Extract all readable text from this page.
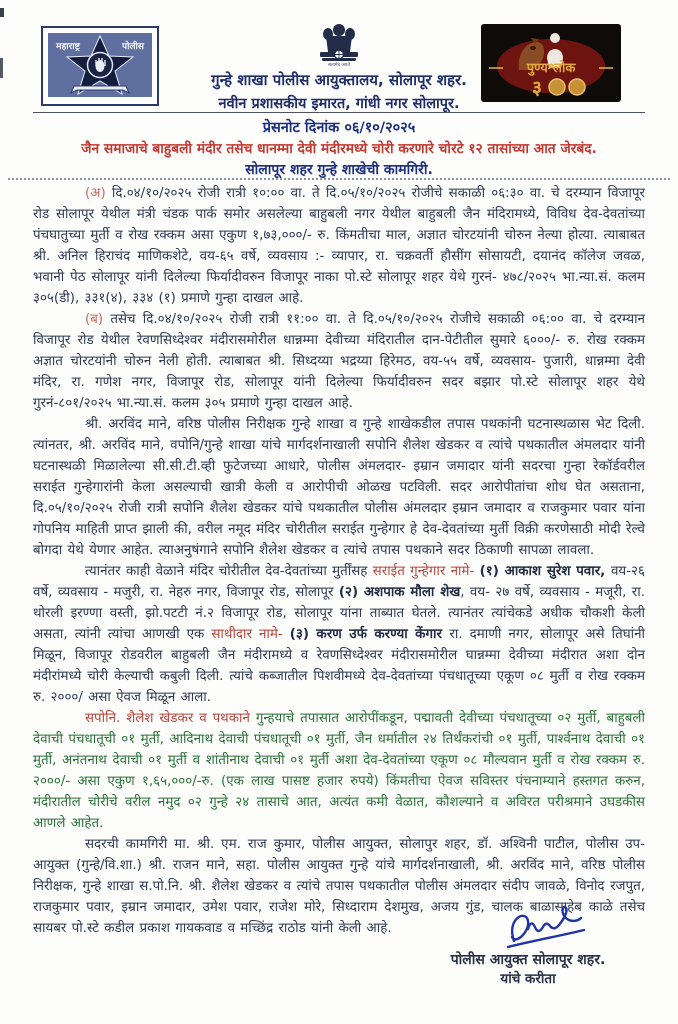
महाराष्ट्र	पोलीस
सत्यमेव जयते
गुन्हे शाखा पोलीस आयुक्तालय, सोलापूर शहर.
नवीन प्रशासकीय इमारत, गांधी नगर सोलापूर.
पुण्यश्लोक
३
प्रेसनोट दिनांक ०६/१०/२०२५
जैन समाजाचे बाहुबली मंदीर तसेच धानम्मा देवी मंदीरमध्ये चोरी करणारे चोरटे १२ तासांच्या आत जेरबंद.
सोलापूर शहर गुन्हे शाखेची कामगिरी.

(अ) दि.०४/१०/२०२५ रोजी रात्री १०:०० वा. ते दि.०५/१०/२०२५ रोजीचे सकाळी ०६:३० वा. चे दरम्यान विजापूर रोड सोलापूर येथील मंत्री चंडक पार्क समोर असलेल्या बाहुबली नगर येथील बाहुबली जैन मंदिरामध्ये, विविध देव-देवतांच्या पंचघातुच्या मुर्ती व रोख रक्कम असा एकुण १,७३,०००/- रु. किंमतीचा माल, अज्ञात चोरटयांनी चोरुन नेल्या होत्या. त्याबाबत श्री. अनिल हिराचंद माणिकशेटे, वय-६५ वर्षे, व्यवसाय :- व्यापार, रा. चक्रवर्ती हौसींग सोसायटी, दयानंद कॉलेज जवळ, भवानी पेठ सोलापूर यांनी दिलेल्या फिर्यादीवरुन विजापूर नाका पो.स्टे सोलापूर शहर येथे गुरनं- ४७८/२०२५ भा.न्या.सं. कलम ३०५(डी), ३३१(४), ३३४ (१) प्रमाणे गुन्हा दाखल आहे.

(ब) तसेच दि.०४/१०/२०२५ रोजी रात्री ११:०० वा. ते दि.०५/१०/२०२५ रोजीचे सकाळी ०६:०० वा. चे दरम्यान विजापूर रोड येथील रेवणसिध्देश्वर मंदीरासमोरील धान्नम्मा देवीच्या मंदिरातील दान-पेटीतील सुमारे ६०००/- रु. रोख रक्कम अज्ञात चोरटयांनी चोरुन नेली होती. त्याबाबत श्री. सिध्दय्या भद्रय्या हिरेमठ, वय-५५ वर्षे, व्यवसाय- पुजारी, धान्नम्मा देवी मंदिर, रा. गणेश नगर, विजापूर रोड, सोलापूर यांनी दिलेल्या फिर्यादीवरुन सदर बझार पो.स्टे सोलापूर शहर येथे गुरनं-८०१/२०२५ भा.न्या.सं. कलम ३०५ प्रमाणे गुन्हा दाखल आहे.

श्री. अरविंद माने, वरिष्ठ पोलीस निरीक्षक गुन्हे शाखा व गुन्हे शाखेकडील तपास पथकांनी घटनास्थळास भेट दिली. त्यांनतर, श्री. अरविंद माने, वपोनि/गुन्हे शाखा यांचे मार्गदर्शनाखाली सपोनि शैलेश खेडकर व त्यांचे पथकातील अंमलदार यांनी घटनास्थळी मिळालेल्या सी.सी.टी.व्ही फुटेजच्या आधारे, पोलीस अंमलदार- इम्रान जमादार यांनी सदरचा गुन्हा रेकॉर्डवरील सराईत गुन्हेगारांनी केला असल्याची खात्री केली व आरोपीची ओळख पटविली. सदर आरोपीतांचा शोध घेत असताना, दि.०५/१०/२०२५ रोजी रात्री सपोनि शैलेश खेडकर यांचे पथकातील पोलीस अंमलदार इम्रान जमादार व राजकुमार पवार यांना गोपनिय माहिती प्राप्त झाली की, वरील नमूद मंदिर चोरीतील सराईत गुन्हेगार हे देव-देवतांच्या मुर्ती विक्री करणेसाठी मोदी रेल्वे बोगदा येथे येणार आहेत. त्याअनुषंगाने सपोनि शैलेश खेडकर व त्यांचे तपास पथकाने सदर ठिकाणी सापळा लावला.

त्यानंतर काही वेळाने मंदिर चोरीतील देव-देवतांच्या मुर्तींसह सराईत गुन्हेगार नामे- (१) आकाश सुरेश पवार, वय-२६ वर्षे, व्यवसाय - मजुरी, रा. नेहरु नगर, विजापूर रोड, सोलापूर (२) अशपाक मौला शेख, वय- २७ वर्षे, व्यवसाय - मजूरी, रा. थोरली इरण्णा वस्ती, झो.पटटी नं.२ विजापूर रोड, सोलापूर यांना ताब्यात घेतले. त्यानंतर त्यांचेकडे अधीक चौकशी केली असता, त्यांनी त्यांचा आणखी एक साथीदार नामे- (३) करण उर्फ करण्या केंगार रा. दमाणी नगर, सोलापूर असे तिघांनी मिळून, विजापूर रोडवरील बाहुबली जैन मंदीरामध्ये व रेवणसिध्देश्वर मंदीरासमोरील घान्नम्मा देवीच्या मंदीरात अशा दोन मंदीरांमध्ये चोरी केल्याची कबुली दिली. त्यांचे कब्जातील पिशवीमध्ये देव-देवतांच्या पंचधातूच्या एकूण ०८ मुर्ती व रोख रक्कम रु. २०००/ असा ऐवज मिळून आला.

सपोनि. शैलेश खेडकर व पथकाने गुन्हयाचे तपासात आरोपींकडून, पद्मावती देवीच्या पंचधातूच्या ०२ मुर्ती, बाहुबली देवाची पंचधातूची ०१ मुर्ती, आदिनाथ देवाची पंचधातूची ०१ मुर्ती, जैन धर्मातील २४ तिर्थंकरांची ०१ मुर्ती, पार्श्वनाथ देवाची ०१ मुर्ती, अनंतनाथ देवाची ०१ मुर्ती व शांतीनाथ देवाची ०१ मुर्ती अशा देव-देवतांच्या एकूण ०८ मौल्यवान मुर्ती व रोख रक्कम रु. २०००/- असा एकुण १,६५,०००/-रु. (एक लाख पासष्ट हजार रुपये) किंमतीचा ऐवज सविस्तर पंचनाम्याने हस्तगत करुन, मंदीरातील चोरीचे वरील नमुद ०२ गुन्हे २४ तासाचे आत, अत्यंत कमी वेळात, कौशल्याने व अविरत परीश्रमाने उघडकीस आणले आहेत.

सदरची कामगिरी मा. श्री. एम. राज कुमार, पोलीस आयुक्त, सोलापुर शहर, डॉ. अश्विनी पाटील, पोलीस उप-आयुक्त (गुन्हे/वि.शा.) श्री. राजन माने, सहा. पोलीस आयुक्त गुन्हे यांचे मार्गदर्शनाखाली, श्री. अरविंद माने, वरिष्ठ पोलीस निरीक्षक, गुन्हे शाखा स.पो.नि. श्री. शैलेश खेडकर व त्यांचे तपास पथकातील पोलीस अंमलदार संदीप जावळे, विनोद रजपुत, राजकुमार पवार, इम्रान जमादार, उमेश पवार, राजेश मोरे, सिध्दाराम देशमुख, अजय गुंड, चालक बाळासाहेब काळे तसेच सायबर पो.स्टे कडील प्रकाश गायकवाड व मच्छिंद्र राठोड यांनी केली आहे.

पोलीस आयुक्त सोलापूर शहर.
यांचे करीता
